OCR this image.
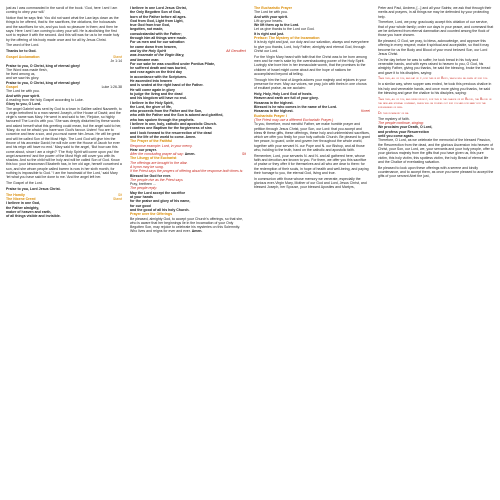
just as I was commanded in the scroll of the book. ‘God, here I am! I am coming to obey your will.’

Notice that he says first: You did not want what the Law lays down as the things to be offered, that is: the sacrifices, the oblations, the holocausts and the sacrifices for sin, and you took no pleasure in them; and then he says: Here I am! I am coming to obey your will. He is abolishing the first sort to replace it with the second. And this will was for us to be made holy by the offering of his body made once and for all by Jesus Christ.

The word of the Lord.

Thanks be to God.

Gospel Acclamation	Stand
Jn 1:14
Praise to you, O Christ, king of eternal glory!
The Word was made flesh,
he lived among us,
and we saw his glory.
Praise to you, O Christ, king of eternal glory!
Gospel	Luke 1:26-38
The Lord be with you.
And with your spirit.
A reading from the holy Gospel according to Luke.
Glory to you, O Lord.

The angel Gabriel was sent by God to a town in Galilee called Nazareth, to a virgin betrothed to a man named Joseph, of the House of David; and the virgin’s name was Mary. He went in and said to her, ‘Rejoice, so highly favoured! The Lord is with you.’ She was deeply disturbed by these words and asked herself what this greeting could mean, but the angel said to her, ‘Mary, do not be afraid; you have won God’s favour. Listen! You are to conceive and bear a son, and you must name him Jesus. He will be great and will be called Son of the Most High. The Lord God will give him the throne of his ancestor David; he will rule over the House of Jacob for ever and his reign will have no end.’ Mary said to the angel, ‘But how can this come about, since I am a virgin?’ ‘The Holy Spirit will come upon you’ the angel answered ‘and the power of the Most High will cover you with its shadow. And so the child will be holy and will be called Son of God. Know this too: your kinswoman Elizabeth has, in her old age, herself conceived a son, and she whom people called barren is now in her sixth month, for nothing is impossible to God.’ ‘I am the handmaid of the Lord,’ said Mary ‘let what you have said be done to me.’ And the angel left her.

The Gospel of the Lord.

Praise to you, Lord Jesus Christ.

The Homily	Sit
The Nicene Creed	Stand
I believe in one God,
the Father almighty,
maker of heaven and earth,
of all things visible and invisible.
I believe in one Lord Jesus Christ,
the Only Begotten Son of God,
born of the Father before all ages.
God from God, Light from Light,
true God from true God,
begotten, not made,
consubstantial with the Father;
through him all things were made.
For us men and for our salvation
he came down from heaven,
and by the Holy Spirit	All Genuflect
was incarnate of the Virgin Mary,
and became man.
For our sake he was crucified under Pontius Pilate,
he suffered death and was buried,
and rose again on the third day
in accordance with the Scriptures.
He ascended into heaven
and is seated at the right hand of the Father.
He will come again in glory
to judge the living and the dead
and his kingdom will have no end.
I believe in the Holy Spirit,
the Lord, the giver of life,
who proceeds from the Father and the Son,
who with the Father and the Son is adored and glorified,
who has spoken through the prophets.
I believe in one, holy, catholic and apostolic Church.
I confess one Baptism for the forgiveness of sins
and I look forward to the resurrection of the dead
and the life of the world to come. Amen.
The Prayer of the Faithful
Response example: Lord, in your mercy.
Hear our prayer.
After the concluding prayer all say: Amen.	Sit
The Liturgy of the Eucharist
The offerings are brought to the altar.
A hymn may be sung.
If the Priest says the prayers of offering aloud the response both times is:
Blessed be God for ever.
The people rise as the Priest says
Pray, brethren ...
The people reply:
May the Lord accept the sacrifice
at your hands
for the praise and glory of his name,
for our good
and the good of all his holy Church.
Prayer over the Offerings

Be pleased, almighty God, to accept your Church’s offerings, so that she, who is aware that her beginnings lie in the Incarnation of your Only Begotten Son, may rejoice to celebrate his mysteries on this Solemnity. Who lives and reigns for ever and ever. Amen.

The Eucharistic Prayer
The Lord be with you.
And with your spirit.
Lift up your hearts.
We lift them up to the Lord.
Let us give thanks to the Lord our God.
It is right and just.
Preface: The Mystery of the Incarnation

It is truly right and just, our duty and our salvation, always and everywhere to give you thanks, Lord, holy Father, almighty and eternal God, through Christ our Lord.

For the Virgin Mary heard with faith that the Christ was to be born among men and for men’s sake by the overshadowing power of the Holy Spirit. Lovingly she bore him in her immaculate womb, that the promises to the children of Israel might come about and the hope of nations be accomplished beyond all telling.

Through him the host of Angels adores your majesty and rejoices in your presence for ever. May our voices, we pray, join with theirs in one chorus of exultant praise, as we acclaim:

Holy, Holy, Holy Lord God of hosts.
Heaven and earth are full of your glory.
Hosanna in the highest.
Blessed is he who comes in the name of the Lord.
Hosanna in the highest.	Kneel
Eucharistic Prayer I
(The Priest may use a different Eucharistic Prayer.)

To you, therefore, most merciful Father, we make humble prayer and petition through Jesus Christ, your Son, our Lord: that you accept and bless ✠ these gifts, these offerings, these holy and unblemished sacrifices, which we offer you firstly for your holy catholic Church. Be pleased to grant her peace, to guard, unite and govern her throughout the whole world, together with your servant N. our Pope and N. our Bishop, and all those who, holding to the truth, hand on the catholic and apostolic faith.

Remember, Lord, your servants N. and N. and all gathered here, whose faith and devotion are known to you. For them, we offer you this sacrifice of praise or they offer it for themselves and all who are dear to them: for the redemption of their souls, in hope of health and well-being, and paying their homage to you, the eternal God, living and true.

In communion with those whose memory we venerate, especially the glorious ever-Virgin Mary, Mother of our God and Lord, Jesus Christ, and blessed Joseph, her Spouse, your blessed Apostles and Martyrs,

Peter and Paul, Andrew, [...] and all your Saints; we ask that through their merits and prayers, in all things we may be defended by your protecting help.

Therefore, Lord, we pray: graciously accept this oblation of our service, that of your whole family; order our days in your peace, and command that we be delivered from eternal damnation and counted among the flock of those you have chosen.

Be pleased, O God, we pray, to bless, acknowledge, and approve this offering in every respect; make it spiritual and acceptable, so that it may become for us the Body and Blood of your most beloved Son, our Lord Jesus Christ.

On the day before he was to suffer, he took bread in his holy and venerable hands, and with eyes raised to heaven to you, O God, his almighty Father, giving you thanks, he said the blessing, broke the bread and gave it to his disciples, saying:

Take this, all of you, and eat of it, for this is my Body, which will be given up for you.

In a similar way, when supper was ended, he took this precious chalice in his holy and venerable hands, and once more giving you thanks, he said the blessing and gave the chalice to his disciples, saying:

Take this, all of you, and drink from it, for this is the chalice of my Blood, the Blood of the new and eternal covenant, which will be poured out for you and for many for the forgiveness of sins.

Do this in memory of me.

The mystery of faith.
The people continue, singing:
We proclaim your Death, O Lord,
and profess your Resurrection
until you come again.

Therefore, O Lord, as we celebrate the memorial of the blessed Passion, the Resurrection from the dead, and the glorious Ascension into heaven of Christ, your Son, our Lord, we, your servants and your holy people, offer to your glorious majesty from the gifts that you have given us, this pure victim, this holy victim, this spotless victim, the holy Bread of eternal life and the Chalice of everlasting salvation.

Be pleased to look upon these offerings with a serene and kindly countenance, and to accept them, as once you were pleased to accept the gifts of your servant Abel the just,
